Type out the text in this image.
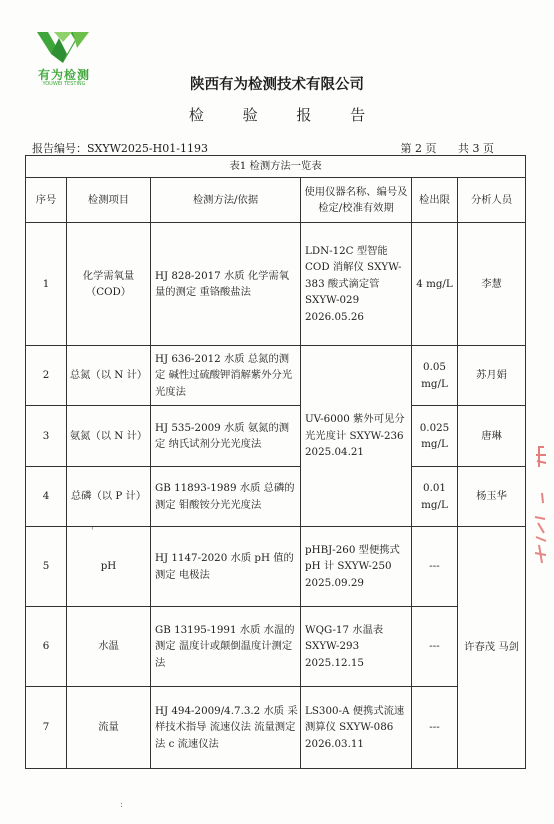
有为检测
YOUWEI TESTING	陕西有为检测技术有限公司
检 验 报 告
报告编号：SXYW2025-H01-1193	第 2 页 共 3 页
表1 检测方法一览表					
序号	检测项目	检测方法/依据	使用仪器名称、编号及检定/校准有效期	检出限	分析人员
1	化学需氧量（COD）	HJ 828-2017 水质 化学需氧量的测定 重铬酸盐法	LDN-12C 型智能 COD 消解仪 SXYW-383 酸式滴定管 SXYW-029 2026.05.26	4 mg/L	李慧
2	总氮（以 N 计）	HJ 636-2012 水质 总氮的测定 碱性过硫酸钾消解紫外分光光度法	UV-6000 紫外可见分光光度计 SXYW-236 2025.04.21	0.05 mg/L	苏月娟
3	氨氮（以 N 计）	HJ 535-2009 水质 氨氮的测定 纳氏试剂分光光度法		0.025 mg/L	唐琳
4	总磷（以 P 计）	GB 11893-1989 水质 总磷的测定 钼酸铵分光光度法		0.01 mg/L	杨玉华
5	pH	HJ 1147-2020 水质 pH 值的测定 电极法	pHBJ-260 型便携式 pH 计 SXYW-250 2025.09.29	---	许春茂 马剑
6	水温	GB 13195-1991 水质 水温的测定 温度计或颠倒温度计测定法	WQG-17 水温表 SXYW-293 2025.12.15	---	
7	流量	HJ 494-2009/4.7.3.2 水质 采样技术指导 流速仪法 流量测定法 c 流速仪法	LS300-A 便携式流速测算仪 SXYW-086 2026.03.11	---	
'
:
